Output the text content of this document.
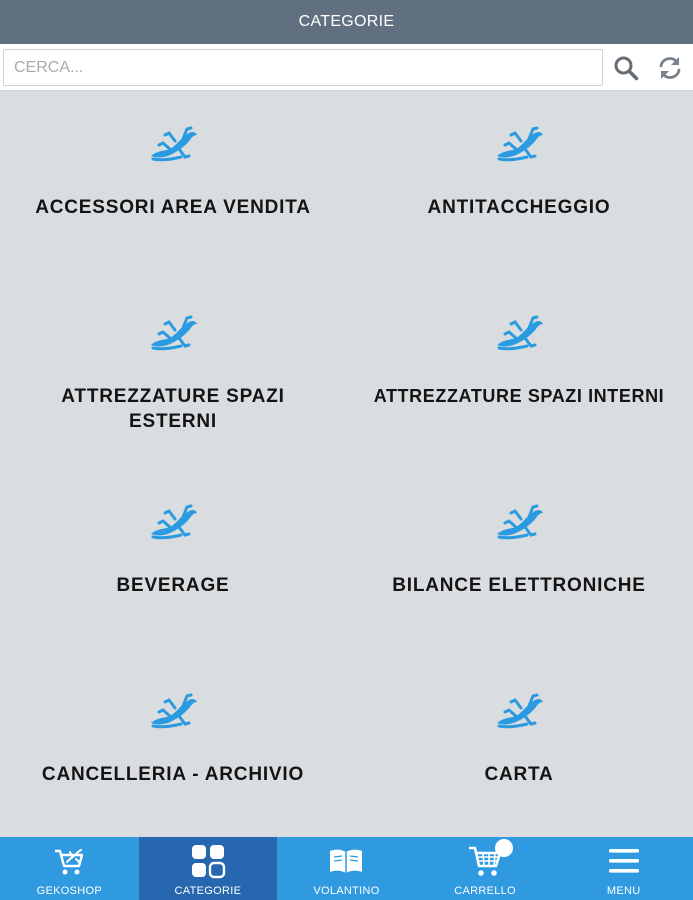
CATEGORIE
CERCA...
ACCESSORI AREA VENDITA	ANTITACCHEGGIO
ATTREZZATURE SPAZI ESTERNI
ATTREZZATURE SPAZI INTERNI
BEVERAGE	BILANCE ELETTRONICHE
CANCELLERIA - ARCHIVIO	CARTA
GEKOSHOP	CATEGORIE	VOLANTINO	CARRELLO	MENU
